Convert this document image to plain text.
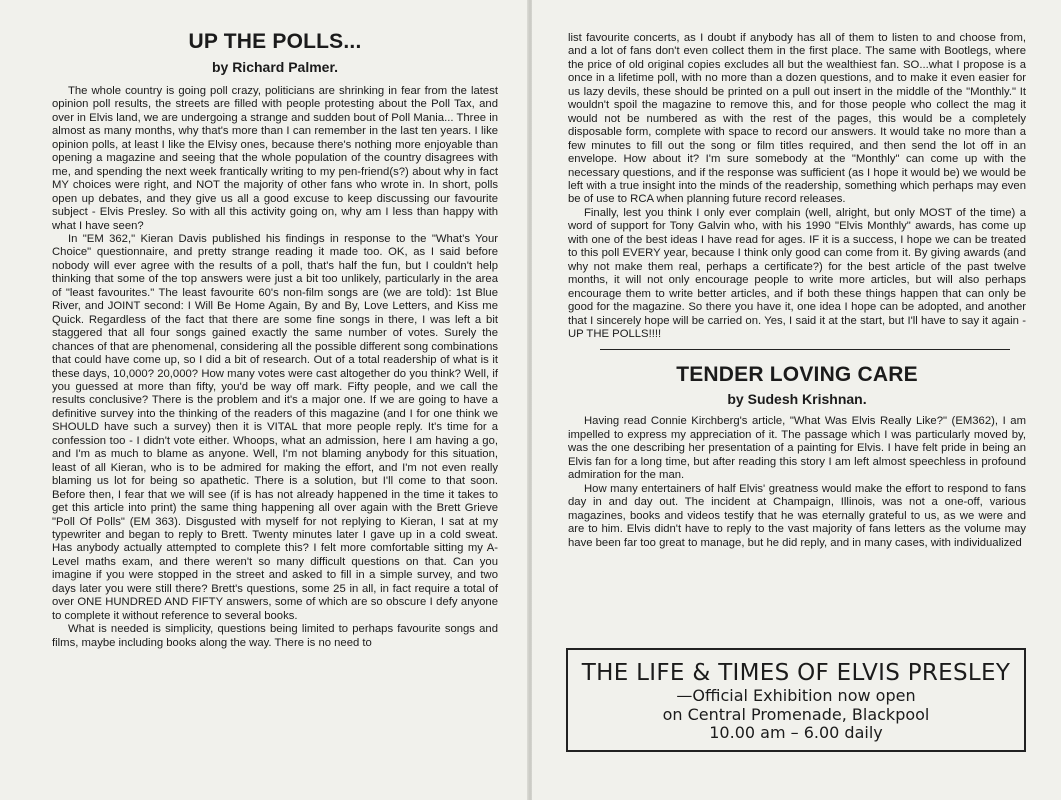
UP THE POLLS...
by Richard Palmer.

The whole country is going poll crazy, politicians are shrinking in fear from the latest opinion poll results, the streets are filled with people protesting about the Poll Tax, and over in Elvis land, we are undergoing a strange and sudden bout of Poll Mania... Three in almost as many months, why that's more than I can remember in the last ten years. I like opinion polls, at least I like the Elvisy ones, because there's nothing more enjoyable than opening a magazine and seeing that the whole population of the country disagrees with me, and spending the next week frantically writing to my pen-friend(s?) about why in fact MY choices were right, and NOT the majority of other fans who wrote in. In short, polls open up debates, and they give us all a good excuse to keep discussing our favourite subject - Elvis Presley. So with all this activity going on, why am I less than happy with what I have seen?

In "EM 362," Kieran Davis published his findings in response to the "What's Your Choice" questionnaire, and pretty strange reading it made too. OK, as I said before nobody will ever agree with the results of a poll, that's half the fun, but I couldn't help thinking that some of the top answers were just a bit too unlikely, particularly in the area of "least favourites." The least favourite 60's non-film songs are (we are told): 1st Blue River, and JOINT second: I Will Be Home Again, By and By, Love Letters, and Kiss me Quick. Regardless of the fact that there are some fine songs in there, I was left a bit staggered that all four songs gained exactly the same number of votes. Surely the chances of that are phenomenal, considering all the possible different song combinations that could have come up, so I did a bit of research. Out of a total readership of what is it these days, 10,000? 20,000? How many votes were cast altogether do you think? Well, if you guessed at more than fifty, you'd be way off mark. Fifty people, and we call the results conclusive? There is the problem and it's a major one. If we are going to have a definitive survey into the thinking of the readers of this magazine (and I for one think we SHOULD have such a survey) then it is VITAL that more people reply. It's time for a confession too - I didn't vote either. Whoops, what an admission, here I am having a go, and I'm as much to blame as anyone. Well, I'm not blaming anybody for this situation, least of all Kieran, who is to be admired for making the effort, and I'm not even really blaming us lot for being so apathetic. There is a solution, but I'll come to that soon. Before then, I fear that we will see (if is has not already happened in the time it takes to get this article into print) the same thing happening all over again with the Brett Grieve "Poll Of Polls" (EM 363). Disgusted with myself for not replying to Kieran, I sat at my typewriter and began to reply to Brett. Twenty minutes later I gave up in a cold sweat. Has anybody actually attempted to complete this? I felt more comfortable sitting my A-Level maths exam, and there weren't so many difficult questions on that. Can you imagine if you were stopped in the street and asked to fill in a simple survey, and two days later you were still there? Brett's questions, some 25 in all, in fact require a total of over ONE HUNDRED AND FIFTY answers, some of which are so obscure I defy anyone to complete it without reference to several books.

What is needed is simplicity, questions being limited to perhaps favourite songs and films, maybe including books along the way. There is no need to

list favourite concerts, as I doubt if anybody has all of them to listen to and choose from, and a lot of fans don't even collect them in the first place. The same with Bootlegs, where the price of old original copies excludes all but the wealthiest fan. SO...what I propose is a once in a lifetime poll, with no more than a dozen questions, and to make it even easier for us lazy devils, these should be printed on a pull out insert in the middle of the "Monthly." It wouldn't spoil the magazine to remove this, and for those people who collect the mag it would not be numbered as with the rest of the pages, this would be a completely disposable form, complete with space to record our answers. It would take no more than a few minutes to fill out the song or film titles required, and then send the lot off in an envelope. How about it? I'm sure somebody at the "Monthly" can come up with the necessary questions, and if the response was sufficient (as I hope it would be) we would be left with a true insight into the minds of the readership, something which perhaps may even be of use to RCA when planning future record releases.

Finally, lest you think I only ever complain (well, alright, but only MOST of the time) a word of support for Tony Galvin who, with his 1990 "Elvis Monthly" awards, has come up with one of the best ideas I have read for ages. IF it is a success, I hope we can be treated to this poll EVERY year, because I think only good can come from it. By giving awards (and why not make them real, perhaps a certificate?) for the best article of the past twelve months, it will not only encourage people to write more articles, but will also perhaps encourage them to write better articles, and if both these things happen that can only be good for the magazine. So there you have it, one idea I hope can be adopted, and another that I sincerely hope will be carried on. Yes, I said it at the start, but I'll have to say it again - UP THE POLLS!!!!

TENDER LOVING CARE
by Sudesh Krishnan.

Having read Connie Kirchberg's article, "What Was Elvis Really Like?" (EM362), I am impelled to express my appreciation of it. The passage which I was particularly moved by, was the one describing her presentation of a painting for Elvis. I have felt pride in being an Elvis fan for a long time, but after reading this story I am left almost speechless in profound admiration for the man.

How many entertainers of half Elvis' greatness would make the effort to respond to fans day in and day out. The incident at Champaign, Illinois, was not a one-off, various magazines, books and videos testify that he was eternally grateful to us, as we were and are to him. Elvis didn't have to reply to the vast majority of fans letters as the volume may have been far too great to manage, but he did reply, and in many cases, with individualized

THE LIFE & TIMES OF ELVIS PRESLEY
—Official Exhibition now open
on Central Promenade, Blackpool
10.00 am – 6.00 daily
